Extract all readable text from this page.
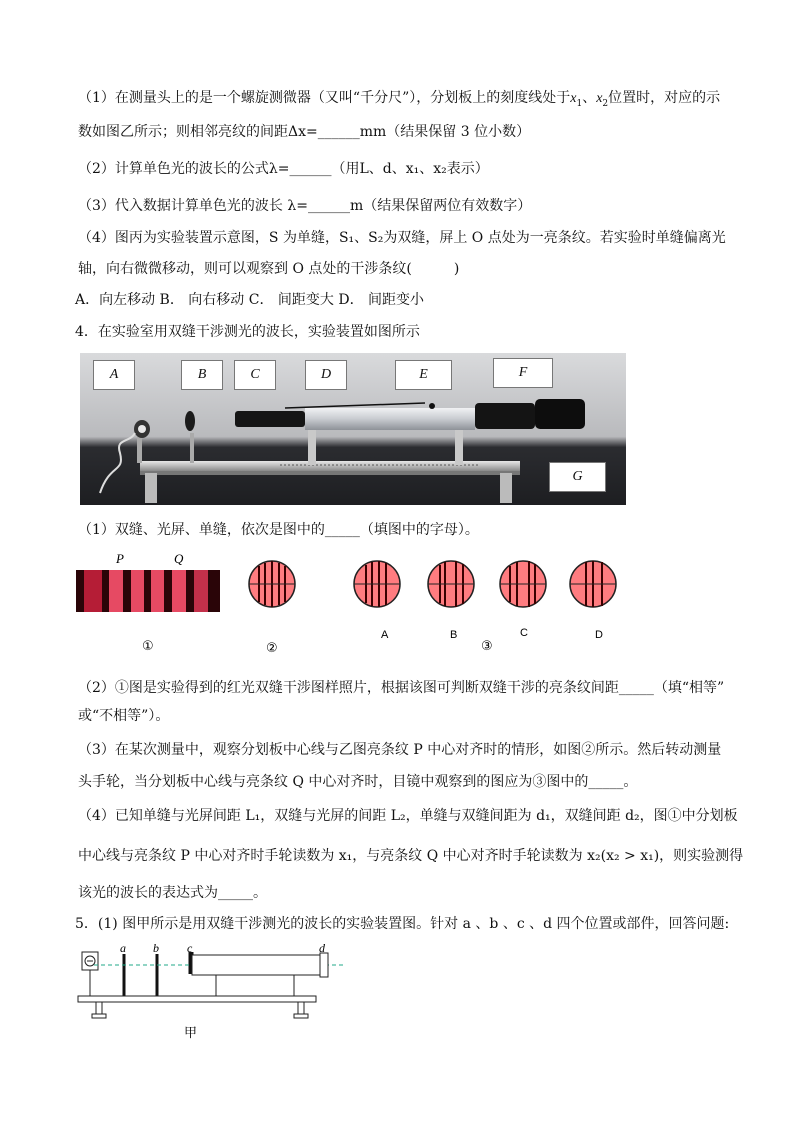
（1）在测量头上的是一个螺旋测微器（又叫“千分尺”），分划板上的刻度线处于$x_1$、$x_2$位置时，对应的示
数如图乙所示；则相邻亮纹的间距Δx=______mm（结果保留 3 位小数）
（2）计算单色光的波长的公式λ=______（用L、d、x₁、x₂表示）
（3）代入数据计算单色光的波长 λ=______m（结果保留两位有效数字）
（4）图丙为实验装置示意图，S 为单缝，S₁、S₂为双缝，屏上 O 点处为一亮条纹。若实验时单缝偏离光
轴，向右微微移动，则可以观察到 O 点处的干涉条纹(　　　)
A．向左移动 B． 向右移动 C． 间距变大 D． 间距变小
4．在实验室用双缝干涉测光的波长，实验装置如图所示
A	B	C	D	E	F
G
（1）双缝、光屏、单缝，依次是图中的_____（填图中的字母）。
P	Q
①	②
A	B	C	D
③
（2）①图是实验得到的红光双缝干涉图样照片，根据该图可判断双缝干涉的亮条纹间距_____（填“相等”
或“不相等”）。
（3）在某次测量中，观察分划板中心线与乙图亮条纹 P 中心对齐时的情形，如图②所示。然后转动测量
头手轮，当分划板中心线与亮条纹 Q 中心对齐时，目镜中观察到的图应为③图中的_____。
（4）已知单缝与光屏间距 L₁，双缝与光屏的间距 L₂，单缝与双缝间距为 d₁，双缝间距 d₂，图①中分划板
中心线与亮条纹 P 中心对齐时手轮读数为 x₁，与亮条纹 Q 中心对齐时手轮读数为 x₂(x₂ > x₁)，则实验测得
该光的波长的表达式为_____。
5．(1) 图甲所示是用双缝干涉测光的波长的实验装置图。针对 a 、b 、c 、d 四个位置或部件，回答问题:
a b c	d
甲
